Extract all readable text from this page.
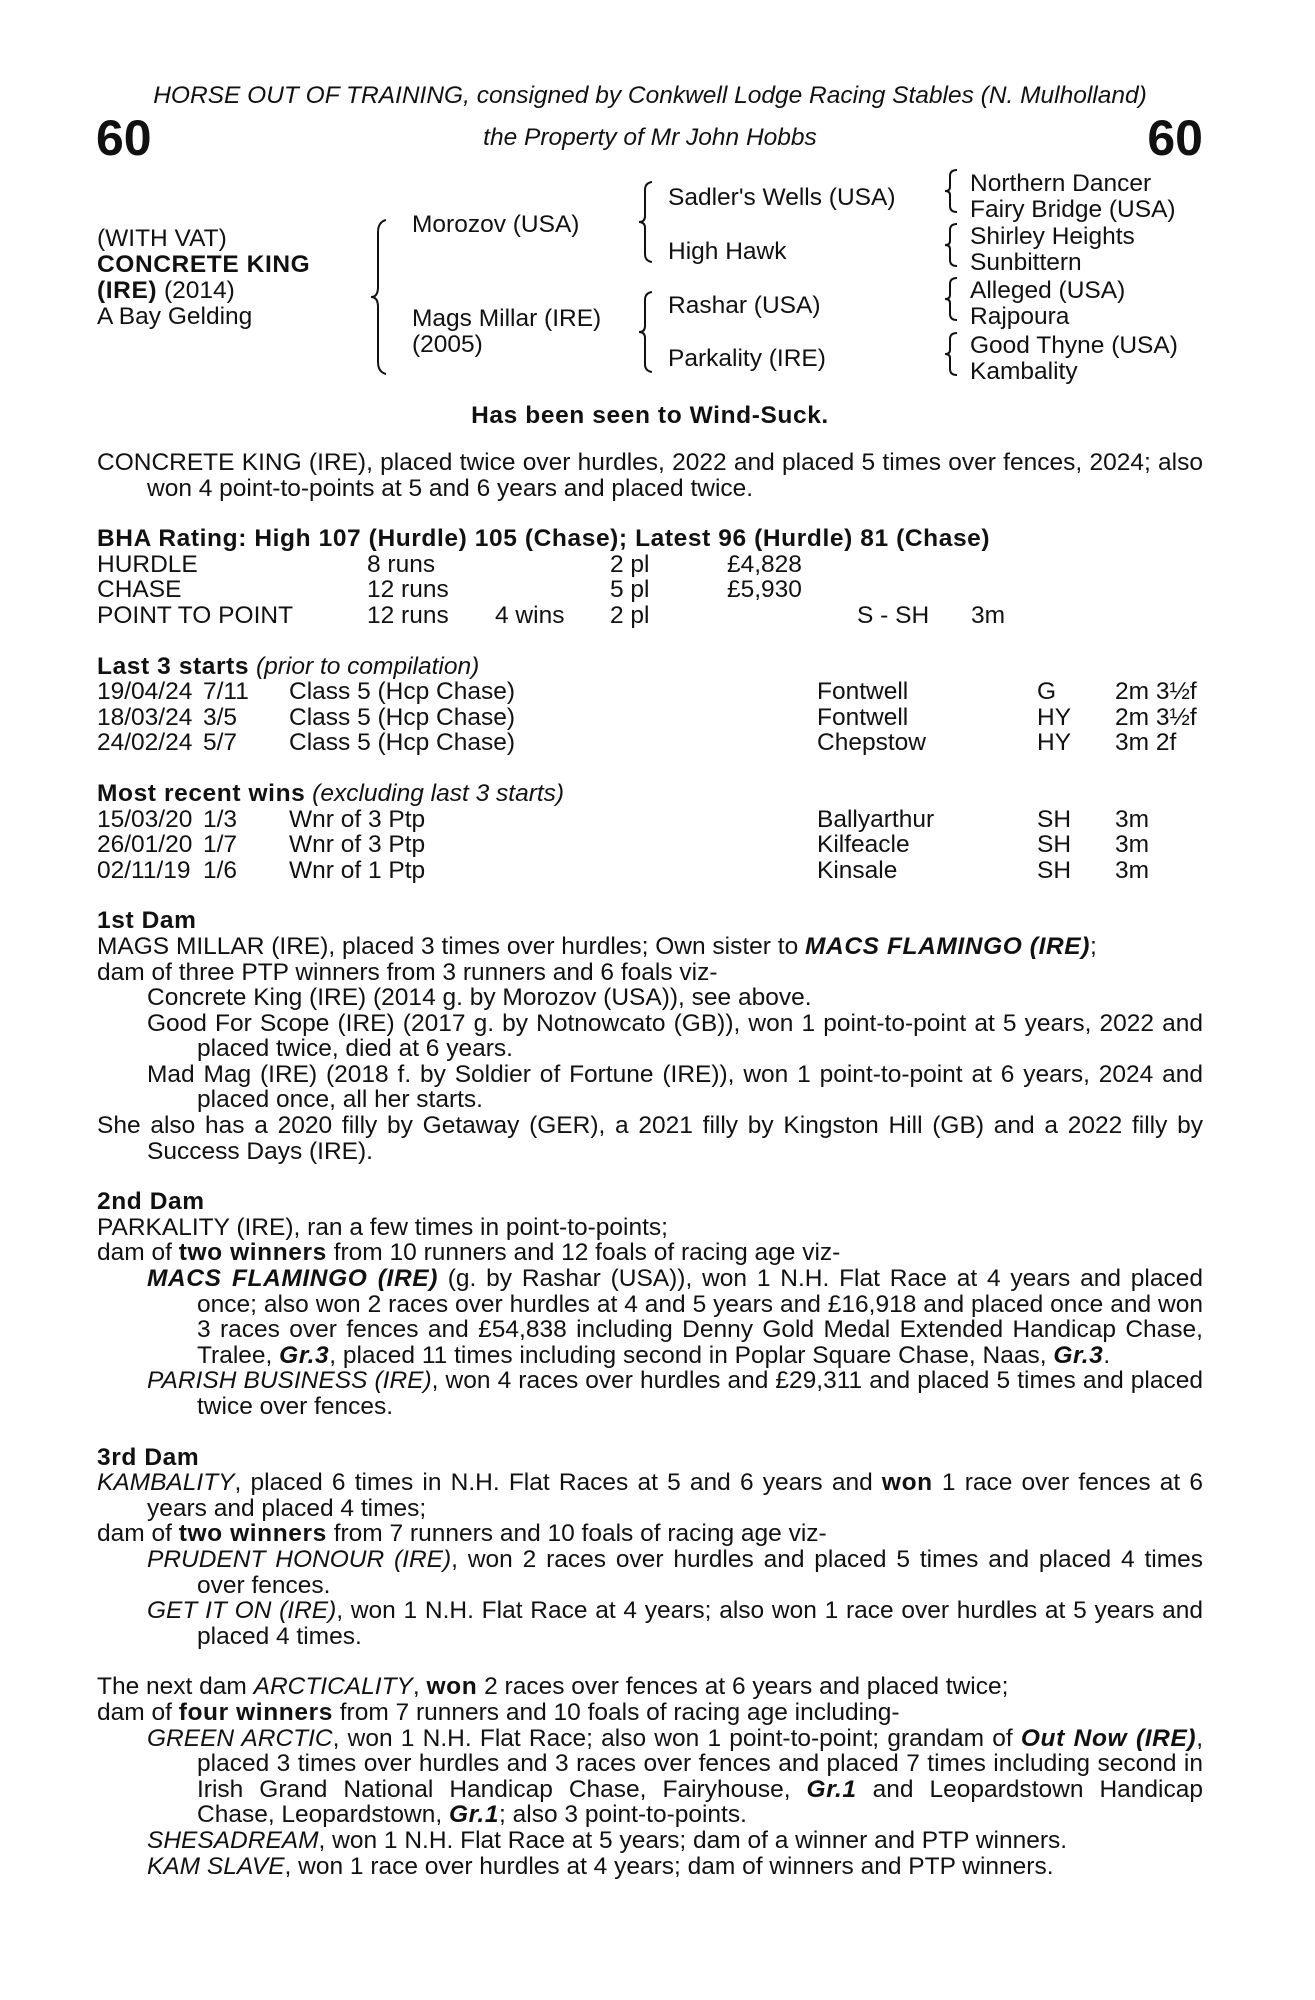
HORSE OUT OF TRAINING, consigned by Conkwell Lodge Racing Stables (N. Mulholland)
60	the Property of Mr John Hobbs	60
(WITH VAT)
CONCRETE KING
(IRE) (2014)
A Bay Gelding
Morozov (USA)
Mags Millar (IRE)
(2005)
Sadler's Wells (USA)
High Hawk
Rashar (USA)
Parkality (IRE)
Northern Dancer
Fairy Bridge (USA)
Shirley Heights
Sunbittern
Alleged (USA)
Rajpoura
Good Thyne (USA)
Kambality
Has been seen to Wind-Suck.
CONCRETE KING (IRE), placed twice over hurdles, 2022 and placed 5 times over fences, 2024; also won 4 point-to-points at 5 and 6 years and placed twice.
BHA Rating: High 107 (Hurdle) 105 (Chase); Latest 96 (Hurdle) 81 (Chase)
HURDLE	8 runs	2 pl	£4,828
CHASE	12 runs	5 pl	£5,930
POINT TO POINT	12 runs 4 wins 2 pl	S - SH 3m
Last 3 starts (prior to compilation)
19/04/24 7/11 Class 5 (Hcp Chase)	Fontwell	G 2m 3½f
18/03/24 3/5 Class 5 (Hcp Chase)	Fontwell	HY 2m 3½f
24/02/24 5/7 Class 5 (Hcp Chase)	Chepstow	HY 3m 2f
Most recent wins (excluding last 3 starts)
15/03/20 1/3 Wnr of 3 Ptp	Ballyarthur	SH 3m
26/01/20 1/7 Wnr of 3 Ptp	Kilfeacle	SH 3m
02/11/19 1/6 Wnr of 1 Ptp	Kinsale	SH 3m
1st Dam
MAGS MILLAR (IRE), placed 3 times over hurdles; Own sister to MACS FLAMINGO (IRE);
dam of three PTP winners from 3 runners and 6 foals viz-
Concrete King (IRE) (2014 g. by Morozov (USA)), see above.
Good For Scope (IRE) (2017 g. by Notnowcato (GB)), won 1 point-to-point at 5 years, 2022 and placed twice, died at 6 years.
Mad Mag (IRE) (2018 f. by Soldier of Fortune (IRE)), won 1 point-to-point at 6 years, 2024 and placed once, all her starts.
She also has a 2020 filly by Getaway (GER), a 2021 filly by Kingston Hill (GB) and a 2022 filly by Success Days (IRE).
2nd Dam
PARKALITY (IRE), ran a few times in point-to-points;
dam of two winners from 10 runners and 12 foals of racing age viz-
MACS FLAMINGO (IRE) (g. by Rashar (USA)), won 1 N.H. Flat Race at 4 years and placed once; also won 2 races over hurdles at 4 and 5 years and £16,918 and placed once and won 3 races over fences and £54,838 including Denny Gold Medal Extended Handicap Chase, Tralee, Gr.3, placed 11 times including second in Poplar Square Chase, Naas, Gr.3.
PARISH BUSINESS (IRE), won 4 races over hurdles and £29,311 and placed 5 times and placed twice over fences.
3rd Dam
KAMBALITY, placed 6 times in N.H. Flat Races at 5 and 6 years and won 1 race over fences at 6 years and placed 4 times;
dam of two winners from 7 runners and 10 foals of racing age viz-
PRUDENT HONOUR (IRE), won 2 races over hurdles and placed 5 times and placed 4 times over fences.
GET IT ON (IRE), won 1 N.H. Flat Race at 4 years; also won 1 race over hurdles at 5 years and placed 4 times.
The next dam ARCTICALITY, won 2 races over fences at 6 years and placed twice;
dam of four winners from 7 runners and 10 foals of racing age including-
GREEN ARCTIC, won 1 N.H. Flat Race; also won 1 point-to-point; grandam of Out Now (IRE), placed 3 times over hurdles and 3 races over fences and placed 7 times including second in Irish Grand National Handicap Chase, Fairyhouse, Gr.1 and Leopardstown Handicap Chase, Leopardstown, Gr.1; also 3 point-to-points.
SHESADREAM, won 1 N.H. Flat Race at 5 years; dam of a winner and PTP winners.
KAM SLAVE, won 1 race over hurdles at 4 years; dam of winners and PTP winners.
